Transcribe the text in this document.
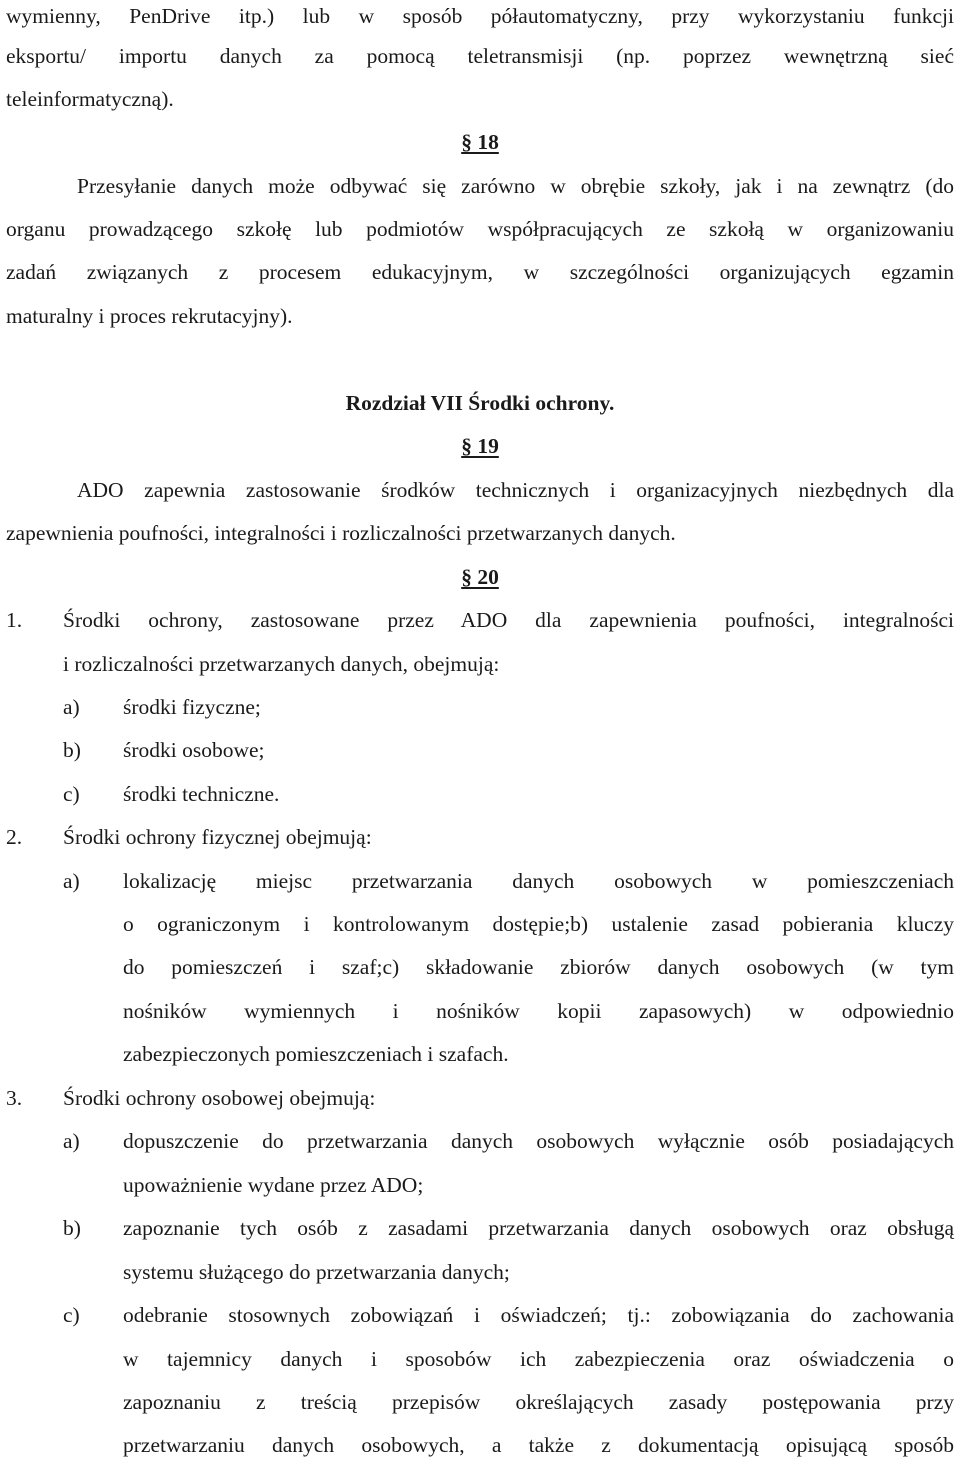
wymienny, PenDrive itp.) lub w sposób półautomatyczny, przy wykorzystaniu funkcji
eksportu/ importu danych za pomocą teletransmisji (np. poprzez wewnętrzną sieć
teleinformatyczną).
§ 18
Przesyłanie danych może odbywać się zarówno w obrębie szkoły, jak i na zewnątrz (do
organu prowadzącego szkołę lub podmiotów współpracujących ze szkołą w organizowaniu
zadań związanych z procesem edukacyjnym, w szczególności organizujących egzamin
maturalny i proces rekrutacyjny).
Rozdział VII Środki ochrony.
§ 19
ADO zapewnia zastosowanie środków technicznych i organizacyjnych niezbędnych dla
zapewnienia poufności, integralności i rozliczalności przetwarzanych danych.
§ 20
1. Środki ochrony, zastosowane przez ADO dla zapewnienia poufności, integralności
i rozliczalności przetwarzanych danych, obejmują:
a) środki fizyczne;
b) środki osobowe;
c) środki techniczne.
2. Środki ochrony fizycznej obejmują:
a) lokalizację miejsc przetwarzania danych osobowych w pomieszczeniach
o ograniczonym i kontrolowanym dostępie;b) ustalenie zasad pobierania kluczy
do pomieszczeń i szaf;c) składowanie zbiorów danych osobowych (w tym
nośników wymiennych i nośników kopii zapasowych) w odpowiednio
zabezpieczonych pomieszczeniach i szafach.
3. Środki ochrony osobowej obejmują:
a) dopuszczenie do przetwarzania danych osobowych wyłącznie osób posiadających
upoważnienie wydane przez ADO;
b) zapoznanie tych osób z zasadami przetwarzania danych osobowych oraz obsługą
systemu służącego do przetwarzania danych;
c) odebranie stosownych zobowiązań i oświadczeń; tj.: zobowiązania do zachowania
w tajemnicy danych i sposobów ich zabezpieczenia oraz oświadczenia o
zapoznaniu z treścią przepisów określających zasady postępowania przy
przetwarzaniu danych osobowych, a także z dokumentacją opisującą sposób
